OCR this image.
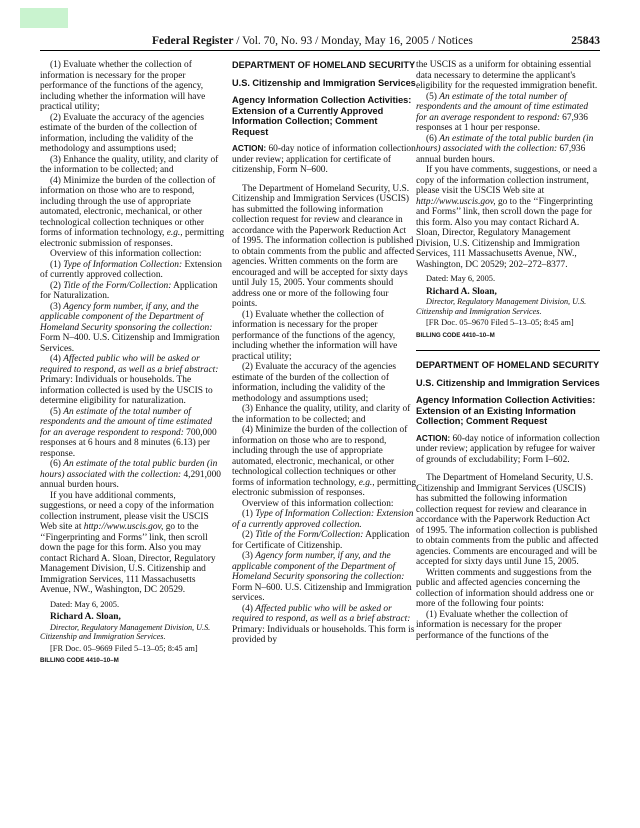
Federal Register / Vol. 70, No. 93 / Monday, May 16, 2005 / Notices	25843

(1) Evaluate whether the collection of information is necessary for the proper performance of the functions of the agency, including whether the information will have practical utility;

(2) Evaluate the accuracy of the agencies estimate of the burden of the collection of information, including the validity of the methodology and assumptions used;

(3) Enhance the quality, utility, and clarity of the information to be collected; and

(4) Minimize the burden of the collection of information on those who are to respond, including through the use of appropriate automated, electronic, mechanical, or other technological collection techniques or other forms of information technology, e.g., permitting electronic submission of responses.

Overview of this information collection:

(1) Type of Information Collection: Extension of currently approved collection.

(2) Title of the Form/Collection: Application for Naturalization.

(3) Agency form number, if any, and the applicable component of the Department of Homeland Security sponsoring the collection: Form N–400. U.S. Citizenship and Immigration Services.

(4) Affected public who will be asked or required to respond, as well as a brief abstract: Primary: Individuals or households. The information collected is used by the USCIS to determine eligibility for naturalization.

(5) An estimate of the total number of respondents and the amount of time estimated for an average respondent to respond: 700,000 responses at 6 hours and 8 minutes (6.13) per response.

(6) An estimate of the total public burden (in hours) associated with the collection: 4,291,000 annual burden hours.

If you have additional comments, suggestions, or need a copy of the information collection instrument, please visit the USCIS Web site at http://www.uscis.gov, go to the ‘‘Fingerprinting and Forms’’ link, then scroll down the page for this form. Also you may contact Richard A. Sloan, Director, Regulatory Management Division, U.S. Citizenship and Immigration Services, 111 Massachusetts Avenue, NW., Washington, DC 20529.

Dated: May 6, 2005.

Richard A. Sloan,

Director, Regulatory Management Division, U.S. Citizenship and Immigration Services.

[FR Doc. 05–9669 Filed 5–13–05; 8:45 am]

BILLING CODE 4410–10–M

DEPARTMENT OF HOMELAND SECURITY
U.S. Citizenship and Immigration Services
Agency Information Collection Activities: Extension of a Currently Approved Information Collection; Comment Request

ACTION: 60-day notice of information collection under review; application for certificate of citizenship, Form N–600.

The Department of Homeland Security, U.S. Citizenship and Immigration Services (USCIS) has submitted the following information collection request for review and clearance in accordance with the Paperwork Reduction Act of 1995. The information collection is published to obtain comments from the public and affected agencies. Written comments on the form are encouraged and will be accepted for sixty days until July 15, 2005. Your comments should address one or more of the following four points.

(1) Evaluate whether the collection of information is necessary for the proper performance of the functions of the agency, including whether the information will have practical utility;

(2) Evaluate the accuracy of the agencies estimate of the burden of the collection of information, including the validity of the methodology and assumptions used;

(3) Enhance the quality, utility, and clarity of the information to be collected; and

(4) Minimize the burden of the collection of information on those who are to respond, including through the use of appropriate automated, electronic, mechanical, or other technological collection techniques or other forms of information technology, e.g., permitting electronic submission of responses.

Overview of this information collection:

(1) Type of Information Collection: Extension of a currently approved collection.

(2) Title of the Form/Collection: Application for Certificate of Citizenship.

(3) Agency form number, if any, and the applicable component of the Department of Homeland Security sponsoring the collection: Form N–600. U.S. Citizenship and Immigration services.

(4) Affected public who will be asked or required to respond, as well as a brief abstract: Primary: Individuals or households. This form is provided by

the USCIS as a uniform for obtaining essential data necessary to determine the applicant's eligibility for the requested immigration benefit.

(5) An estimate of the total number of respondents and the amount of time estimated for an average respondent to respond: 67,936 responses at 1 hour per response.

(6) An estimate of the total public burden (in hours) associated with the collection: 67,936 annual burden hours.

If you have comments, suggestions, or need a copy of the information collection instrument, please visit the USCIS Web site at http://www.uscis.gov, go to the ‘‘Fingerprinting and Forms’’ link, then scroll down the page for this form. Also you may contact Richard A. Sloan, Director, Regulatory Management Division, U.S. Citizenship and Immigration Services, 111 Massachusetts Avenue, NW., Washington, DC 20529; 202–272–8377.

Dated: May 6, 2005.

Richard A. Sloan,

Director, Regulatory Management Division, U.S. Citizenship and Immigration Services.

[FR Doc. 05–9670 Filed 5–13–05; 8:45 am]

BILLING CODE 4410–10–M

DEPARTMENT OF HOMELAND SECURITY
U.S. Citizenship and Immigration Services
Agency Information Collection Activities: Extension of an Existing Information Collection; Comment Request

ACTION: 60-day notice of information collection under review; application by refugee for waiver of grounds of excludability; Form I–602.

The Department of Homeland Security, U.S. Citizenship and Immigrant Services (USCIS) has submitted the following information collection request for review and clearance in accordance with the Paperwork Reduction Act of 1995. The information collection is published to obtain comments from the public and affected agencies. Comments are encouraged and will be accepted for sixty days until June 15, 2005.

Written comments and suggestions from the public and affected agencies concerning the collection of information should address one or more of the following four points:

(1) Evaluate whether the collection of information is necessary for the proper performance of the functions of the
